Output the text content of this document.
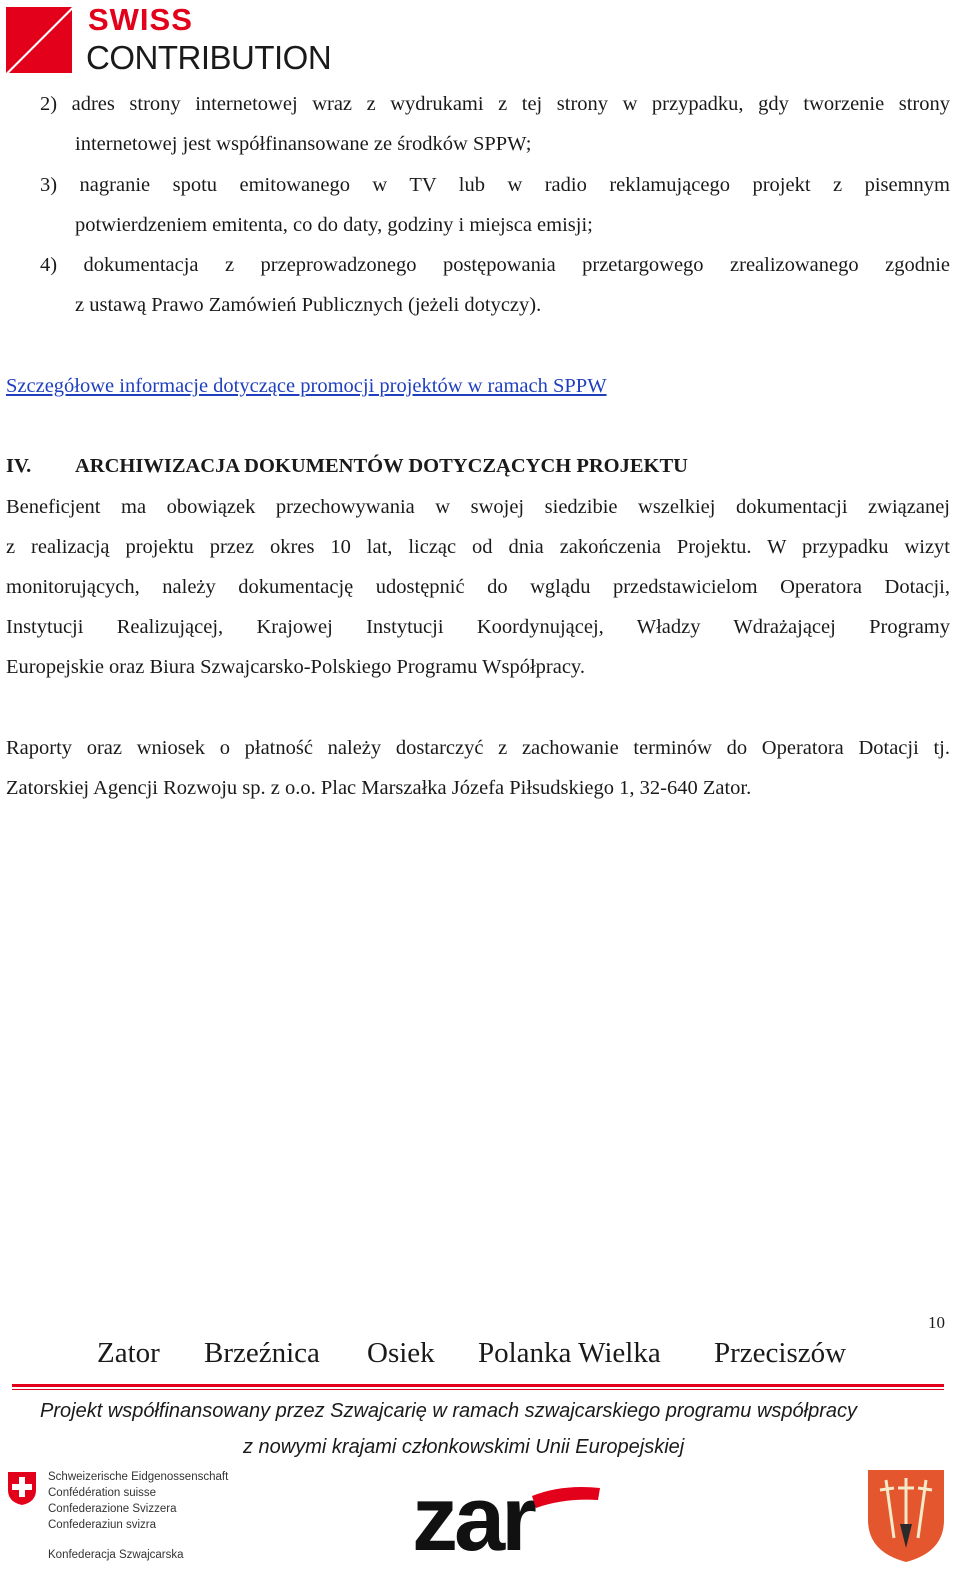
SWISS
CONTRIBUTION
2) adres strony internetowej wraz z wydrukami z tej strony w przypadku, gdy tworzenie strony
internetowej jest współfinansowane ze środków SPPW;
3) nagranie spotu emitowanego w TV lub w radio reklamującego projekt z pisemnym
potwierdzeniem emitenta, co do daty, godziny i miejsca emisji;
4) dokumentacja z przeprowadzonego postępowania przetargowego zrealizowanego zgodnie
z ustawą Prawo Zamówień Publicznych (jeżeli dotyczy).
Szczegółowe informacje dotyczące promocji projektów w ramach SPPW
IV. ARCHIWIZACJA DOKUMENTÓW DOTYCZĄCYCH PROJEKTU
Beneficjent ma obowiązek przechowywania w swojej siedzibie wszelkiej dokumentacji związanej
z realizacją projektu przez okres 10 lat, licząc od dnia zakończenia Projektu. W przypadku wizyt
monitorujących, należy dokumentację udostępnić do wglądu przedstawicielom Operatora Dotacji,
Instytucji Realizującej, Krajowej Instytucji Koordynującej, Władzy Wdrażającej Programy
Europejskie oraz Biura Szwajcarsko-Polskiego Programu Współpracy.
Raporty oraz wniosek o płatność należy dostarczyć z zachowanie terminów do Operatora Dotacji tj.
Zatorskiej Agencji Rozwoju sp. z o.o. Plac Marszałka Józefa Piłsudskiego 1, 32-640 Zator.
10
Zator Brzeźnica Osiek Polanka Wielka Przeciszów
Projekt współfinansowany przez Szwajcarię w ramach szwajcarskiego programu współpracy
z nowymi krajami członkowskimi Unii Europejskiej
Schweizerische Eidgenossenschaft
Confédération suisse
Confederazione Svizzera
Confederaziun svizra
Konfederacja Szwajcarska zar
